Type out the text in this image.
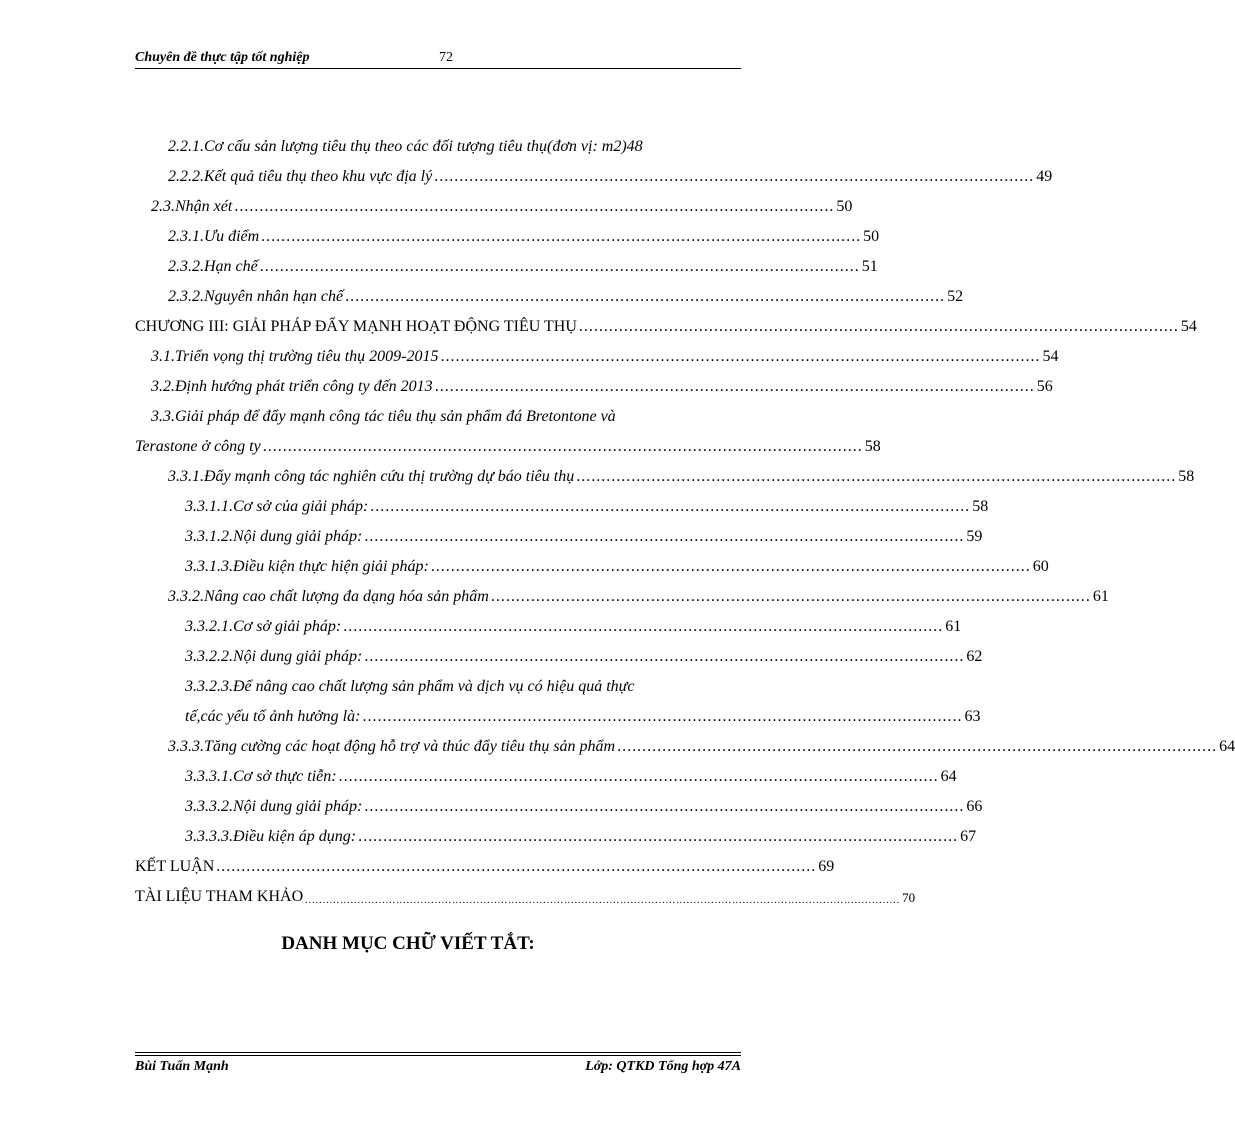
Chuyên đề thực tập tốt nghiệp	72
2.2.1.Cơ cấu sản lượng tiêu thụ theo các đối tượng tiêu thụ(đơn vị: m2) 48
2.2.2.Kết quả tiêu thụ theo khu vực địa lý ........................................................................................................................ 49
2.3.Nhận xét ........................................................................................................................ 50
2.3.1.Ưu điểm ........................................................................................................................ 50
2.3.2.Hạn chế ........................................................................................................................ 51
2.3.2.Nguyên nhân hạn chế ........................................................................................................................ 52
CHƯƠNG III: GIẢI PHÁP ĐẨY MẠNH HOẠT ĐỘNG TIÊU THỤ ........................................................................................................................ 54
3.1.Triển vọng thị trường tiêu thụ 2009-2015 ........................................................................................................................ 54
3.2.Định hướng phát triển công ty đến 2013 ........................................................................................................................ 56
3.3.Giải pháp để đẩy mạnh công tác tiêu thụ sản phẩm đá Bretontone và
Terastone ở công ty ........................................................................................................................ 58
3.3.1.Đẩy mạnh công tác nghiên cứu thị trường dự báo tiêu thụ ........................................................................................................................ 58
3.3.1.1.Cơ sở của giải pháp: ........................................................................................................................ 58
3.3.1.2.Nội dung giải pháp: ........................................................................................................................ 59
3.3.1.3.Điều kiện thực hiện giải pháp: ........................................................................................................................ 60
3.3.2.Nâng cao chất lượng đa dạng hóa sản phẩm ........................................................................................................................ 61
3.3.2.1.Cơ sở giải pháp: ........................................................................................................................ 61
3.3.2.2.Nội dung giải pháp: ........................................................................................................................ 62
3.3.2.3.Để nâng cao chất lượng sản phẩm và dịch vụ có hiệu quả thực
tế,các yếu tố ảnh hưởng là: ........................................................................................................................ 63
3.3.3.Tăng cường các hoạt động hỗ trợ và thúc đẩy tiêu thụ sản phẩm ........................................................................................................................ 64
3.3.3.1.Cơ sở thực tiễn: ........................................................................................................................ 64
3.3.3.2.Nội dung giải pháp: ........................................................................................................................ 66
3.3.3.3.Điều kiện áp dụng: ........................................................................................................................ 67
KẾT LUẬN ........................................................................................................................ 69
TÀI LIỆU THAM KHẢO .......................................................................................................................................................................... 70
DANH MỤC CHỮ VIẾT TẮT:
Bùi Tuấn Mạnh	Lớp: QTKD Tổng hợp 47A
